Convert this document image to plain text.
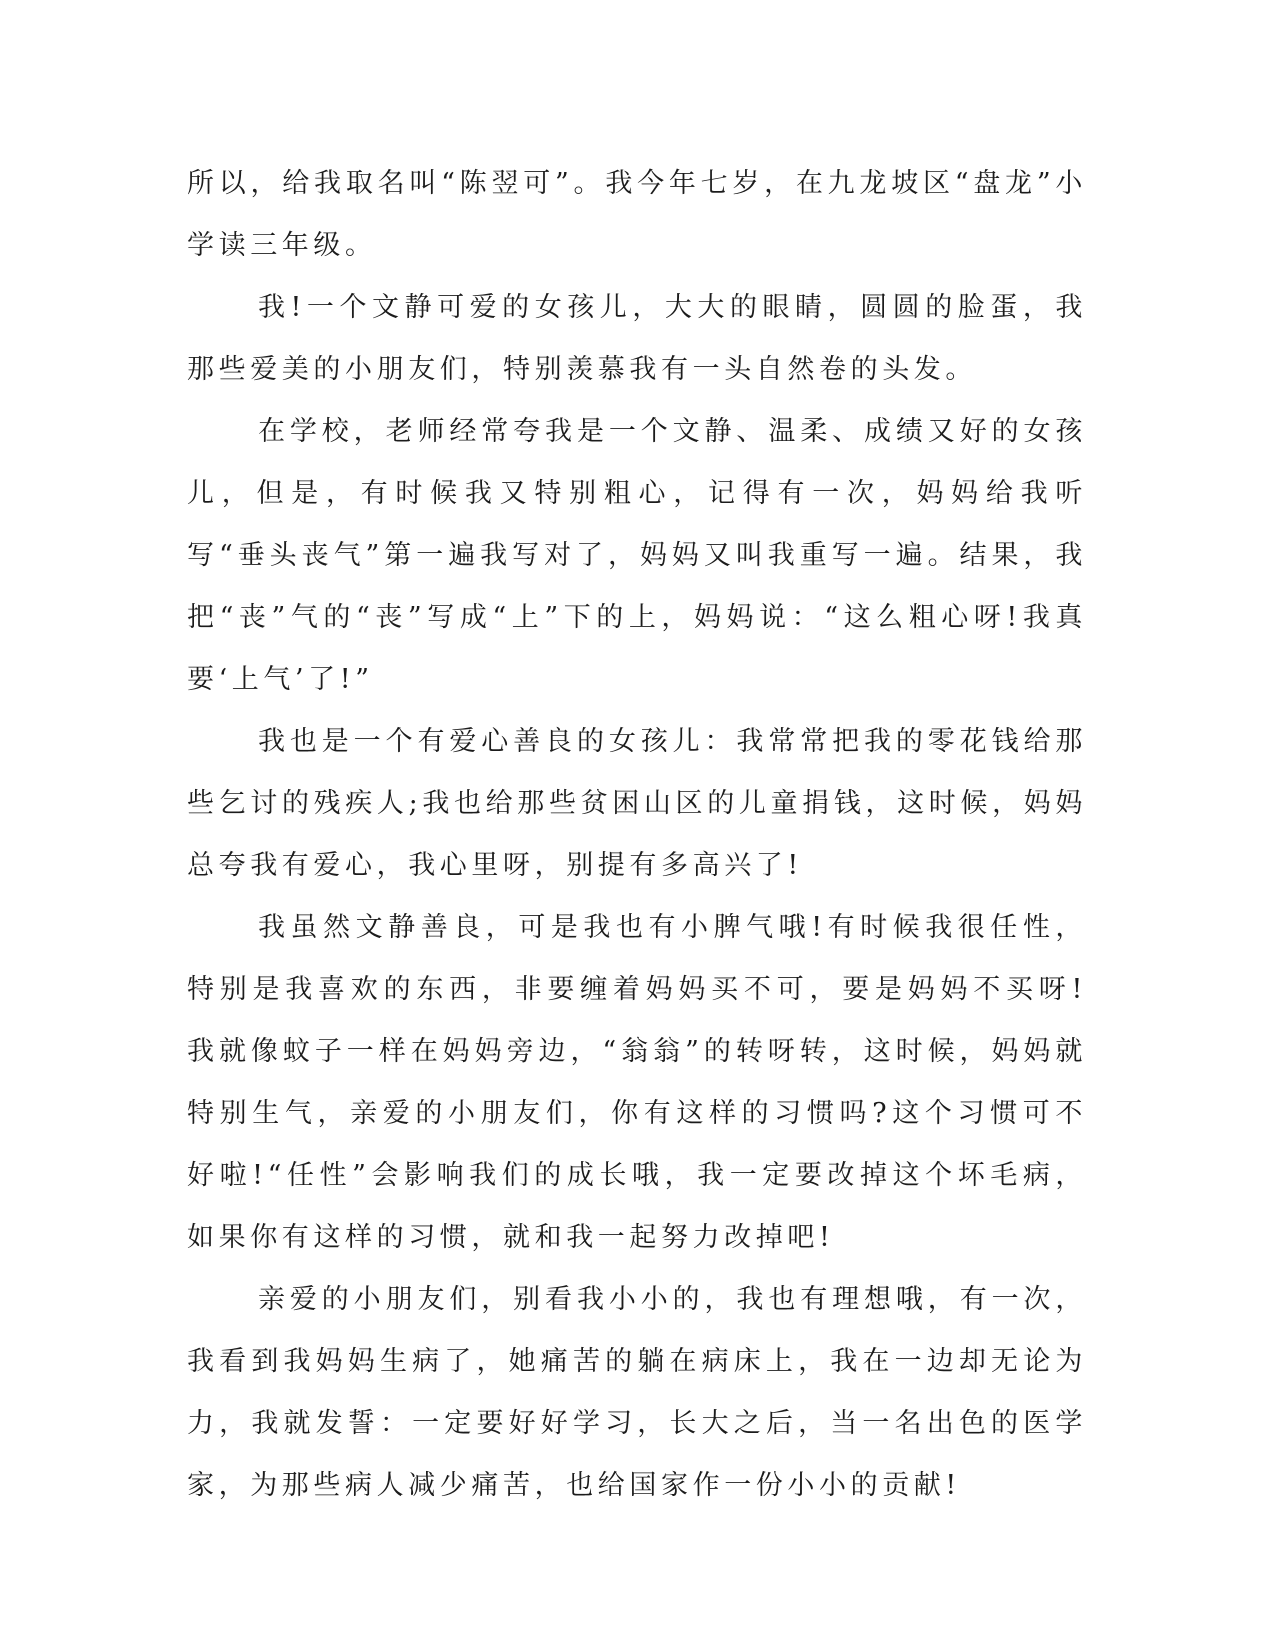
所以，给我取名叫“陈翌可”。我今年七岁，在九龙坡区“盘龙”小学读三年级。

我!一个文静可爱的女孩儿，大大的眼睛，圆圆的脸蛋，我那些爱美的小朋友们，特别羡慕我有一头自然卷的头发。

在学校，老师经常夸我是一个文静、温柔、成绩又好的女孩儿，但是，有时候我又特别粗心，记得有一次，妈妈给我听写“垂头丧气”第一遍我写对了，妈妈又叫我重写一遍。结果，我把“丧”气的“丧”写成“上”下的上，妈妈说：“这么粗心呀!我真要‘上气’了!”

我也是一个有爱心善良的女孩儿：我常常把我的零花钱给那些乞讨的残疾人;我也给那些贫困山区的儿童捐钱，这时候，妈妈总夸我有爱心，我心里呀，别提有多高兴了!

我虽然文静善良，可是我也有小脾气哦!有时候我很任性，特别是我喜欢的东西，非要缠着妈妈买不可，要是妈妈不买呀!我就像蚊子一样在妈妈旁边，“翁翁”的转呀转，这时候，妈妈就特别生气，亲爱的小朋友们，你有这样的习惯吗?这个习惯可不好啦!“任性”会影响我们的成长哦，我一定要改掉这个坏毛病，如果你有这样的习惯，就和我一起努力改掉吧!

亲爱的小朋友们，别看我小小的，我也有理想哦，有一次，我看到我妈妈生病了，她痛苦的躺在病床上，我在一边却无论为力，我就发誓：一定要好好学习，长大之后，当一名出色的医学家，为那些病人减少痛苦，也给国家作一份小小的贡献!
